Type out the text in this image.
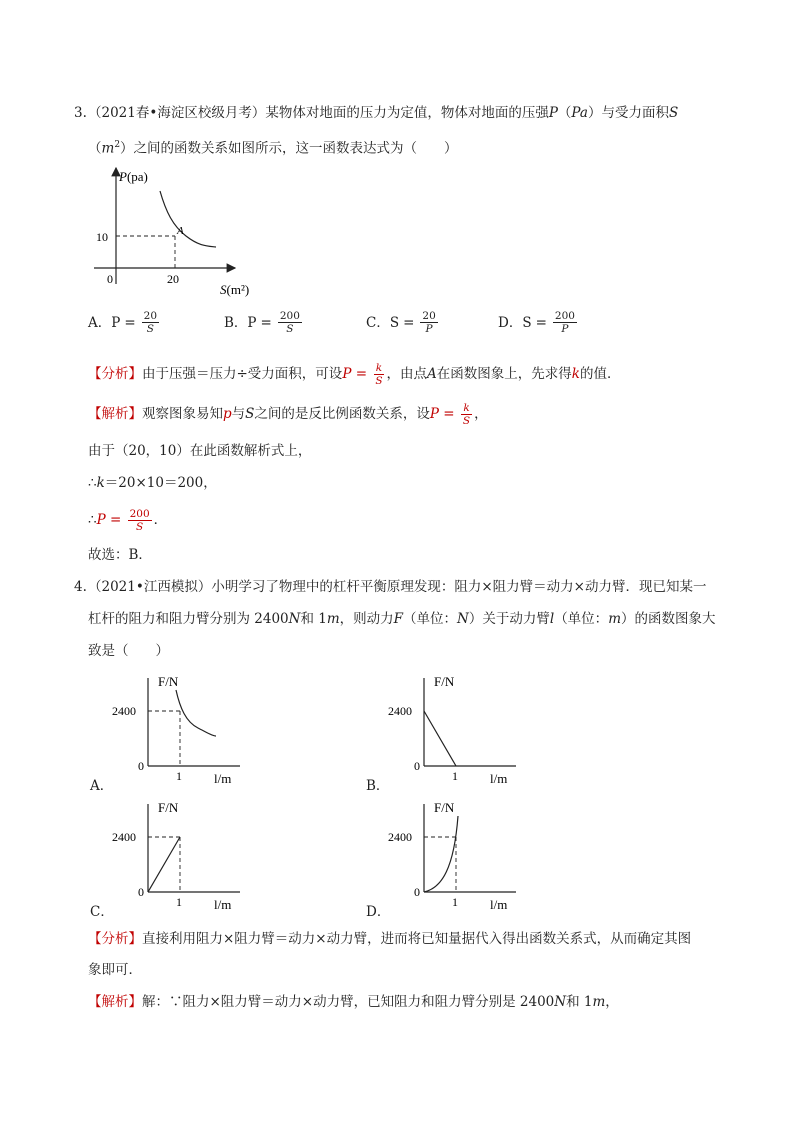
3. （2021春•海淀区校级月考）某物体对地面的压力为定值，物体对地面的压强P（Pa）与受力面积S
$(m^2)$之间的函数关系如图所示，这一函数表达式为（　　）
P(pa)
A
10
0	20
S(m²)
A． $P = \frac{20}{S}$	B． $P = \frac{200}{S}$	C． $S = \frac{20}{P}$	D． $S = \frac{200}{P}$
【分析】由于压强＝压力÷受力面积，可设$P = \frac{k}{S}$ ，由点A在函数图象上，先求得k的值．
【解析】观察图象易知p与S之间的是反比例函数关系，设$P = \frac{k}{S}$ ，
由于（20，10）在此函数解析式上，
∴k＝20×10＝200，
∴P = $\frac{200}{S}$ ．
故选：B．
4. （2021•江西模拟）小明学习了物理中的杠杆平衡原理发现：阻力×阻力臂＝动力×动力臂．现已知某一
杠杆的阻力和阻力臂分别为 2400N和 1m，则动力F（单位：N）关于动力臂l（单位：m）的函数图象大
致是（　　）
F/N
2400
0
1 l/m
A．
F/N
2400
0
1 l/m
B．
F/N
2400
0
1 l/m
C．
F/N
2400
0
1 l/m
D．
【分析】直接利用阻力×阻力臂＝动力×动力臂，进而将已知量据代入得出函数关系式，从而确定其图
象即可．
【解析】解：∵阻力×阻力臂＝动力×动力臂，已知阻力和阻力臂分别是 2400N和 1m，
